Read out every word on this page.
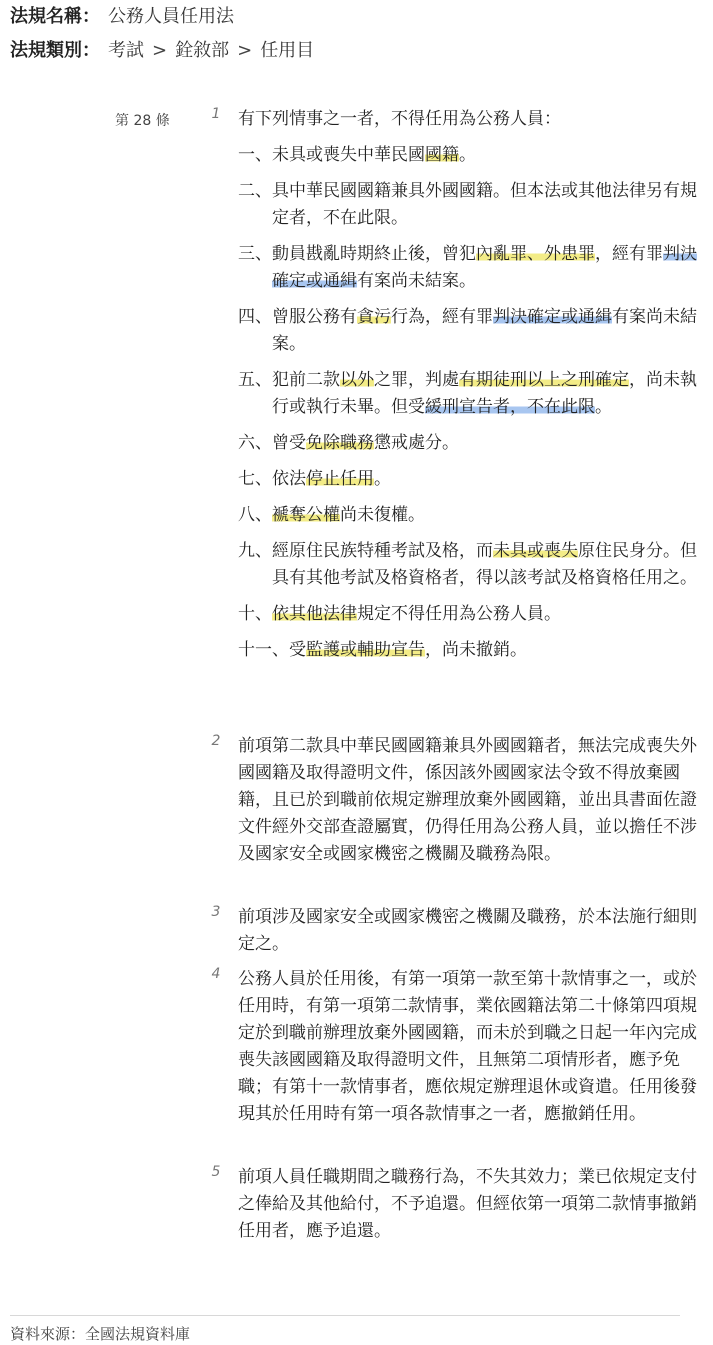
法規名稱： 公務人員任用法
法規類別： 考試 > 銓敘部 > 任用目
第 28 條	1	有下列情事之一者，不得任用為公務人員：

一、 未具或喪失中華民國國籍。
二、 具中華民國國籍兼具外國國籍。但本法或其他法律另有規定者，不在此限。
三、 動員戡亂時期終止後，曾犯內亂罪、外患罪，經有罪判決確定或通緝有案尚未結案。
四、 曾服公務有貪污行為，經有罪判決確定或通緝有案尚未結案。
五、 犯前二款以外之罪，判處有期徒刑以上之刑確定，尚未執行或執行未畢。但受緩刑宣告者，不在此限。
六、 曾受免除職務懲戒處分。
七、 依法停止任用。
八、 褫奪公權尚未復權。
九、 經原住民族特種考試及格，而未具或喪失原住民身分。但具有其他考試及格資格者，得以該考試及格資格任用之。
十、 依其他法律規定不得任用為公務人員。
十一、 受監護或輔助宣告，尚未撤銷。
2	前項第二款具中華民國國籍兼具外國國籍者，無法完成喪失外國國籍及取得證明文件，係因該外國國家法令致不得放棄國籍，且已於到職前依規定辦理放棄外國國籍，並出具書面佐證文件經外交部查證屬實，仍得任用為公務人員，並以擔任不涉及國家安全或國家機密之機關及職務為限。

3	前項涉及國家安全或國家機密之機關及職務，於本法施行細則定之。

4	公務人員於任用後，有第一項第一款至第十款情事之一，或於任用時，有第一項第二款情事，業依國籍法第二十條第四項規定於到職前辦理放棄外國國籍，而未於到職之日起一年內完成喪失該國國籍及取得證明文件，且無第二項情形者，應予免職；有第十一款情事者，應依規定辦理退休或資遣。任用後發現其於任用時有第一項各款情事之一者，應撤銷任用。

5	前項人員任職期間之職務行為，不失其效力；業已依規定支付之俸給及其他給付，不予追還。但經依第一項第二款情事撤銷任用者，應予追還。

資料來源：全國法規資料庫
